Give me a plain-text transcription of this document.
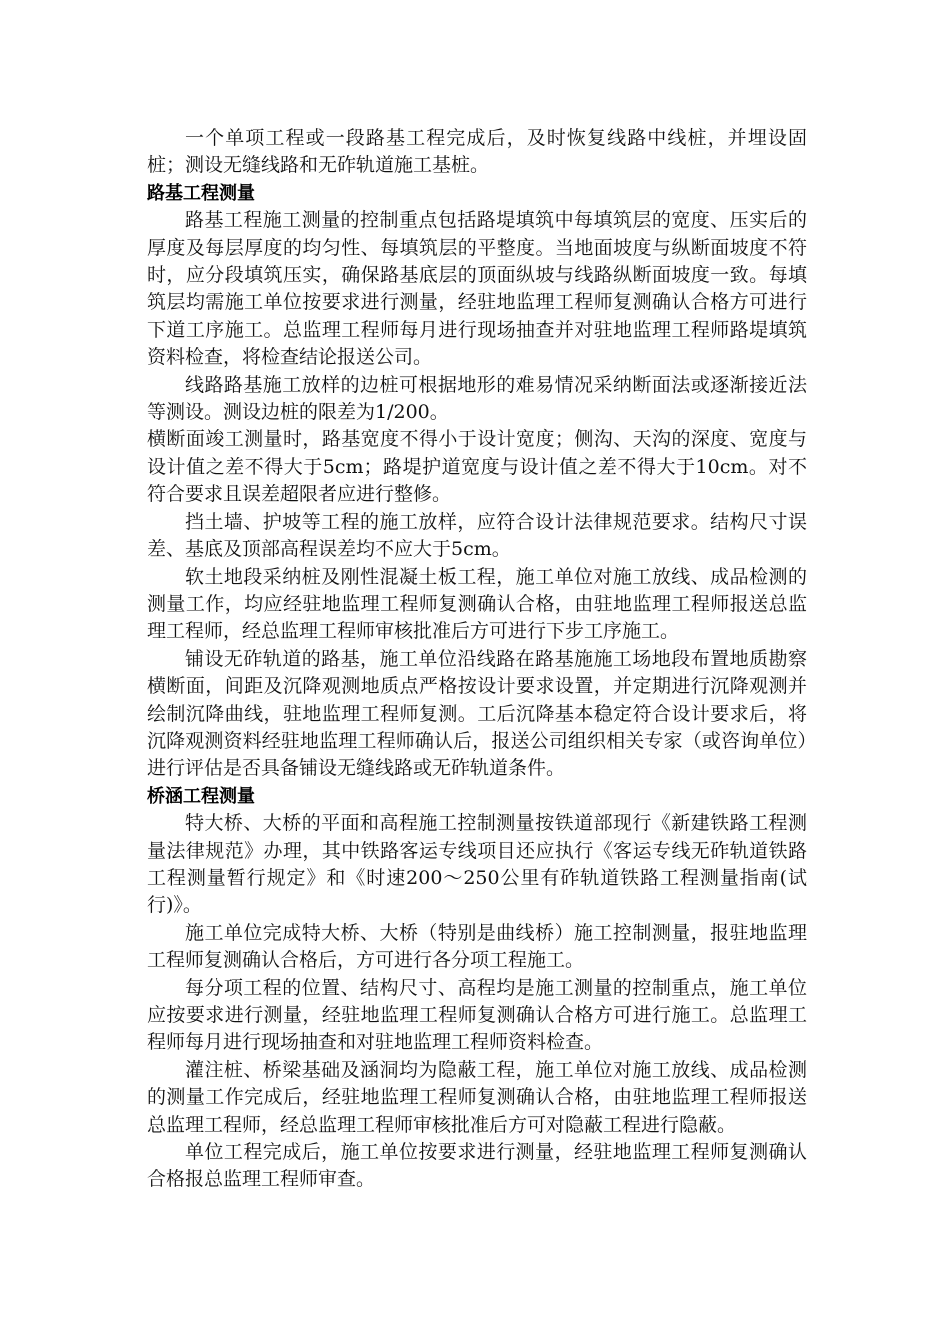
一个单项工程或一段路基工程完成后，及时恢复线路中线桩，并埋设固桩；测设无缝线路和无砟轨道施工基桩。

路基工程测量

路基工程施工测量的控制重点包括路堤填筑中每填筑层的宽度、压实后的厚度及每层厚度的均匀性、每填筑层的平整度。当地面坡度与纵断面坡度不符时，应分段填筑压实，确保路基底层的顶面纵坡与线路纵断面坡度一致。每填筑层均需施工单位按要求进行测量，经驻地监理工程师复测确认合格方可进行下道工序施工。总监理工程师每月进行现场抽查并对驻地监理工程师路堤填筑资料检查，将检查结论报送公司。

线路路基施工放样的边桩可根据地形的难易情况采纳断面法或逐渐接近法等测设。测设边桩的限差为1/200。

横断面竣工测量时，路基宽度不得小于设计宽度；侧沟、天沟的深度、宽度与设计值之差不得大于5cm；路堤护道宽度与设计值之差不得大于10cm。对不符合要求且误差超限者应进行整修。

挡土墙、护坡等工程的施工放样，应符合设计法律规范要求。结构尺寸误差、基底及顶部高程误差均不应大于5cm。

软土地段采纳桩及刚性混凝土板工程，施工单位对施工放线、成品检测的测量工作，均应经驻地监理工程师复测确认合格，由驻地监理工程师报送总监理工程师，经总监理工程师审核批准后方可进行下步工序施工。

铺设无砟轨道的路基，施工单位沿线路在路基施施工场地段布置地质勘察横断面，间距及沉降观测地质点严格按设计要求设置，并定期进行沉降观测并绘制沉降曲线，驻地监理工程师复测。工后沉降基本稳定符合设计要求后，将沉降观测资料经驻地监理工程师确认后，报送公司组织相关专家（或咨询单位）进行评估是否具备铺设无缝线路或无砟轨道条件。

桥涵工程测量

特大桥、大桥的平面和高程施工控制测量按铁道部现行《新建铁路工程测量法律规范》办理，其中铁路客运专线项目还应执行《客运专线无砟轨道铁路工程测量暂行规定》和《时速200～250公里有砟轨道铁路工程测量指南(试行)》。

施工单位完成特大桥、大桥（特别是曲线桥）施工控制测量，报驻地监理工程师复测确认合格后，方可进行各分项工程施工。

每分项工程的位置、结构尺寸、高程均是施工测量的控制重点，施工单位应按要求进行测量，经驻地监理工程师复测确认合格方可进行施工。总监理工程师每月进行现场抽查和对驻地监理工程师资料检查。

灌注桩、桥梁基础及涵洞均为隐蔽工程，施工单位对施工放线、成品检测的测量工作完成后，经驻地监理工程师复测确认合格，由驻地监理工程师报送总监理工程师，经总监理工程师审核批准后方可对隐蔽工程进行隐蔽。

单位工程完成后，施工单位按要求进行测量，经驻地监理工程师复测确认合格报总监理工程师审查。
